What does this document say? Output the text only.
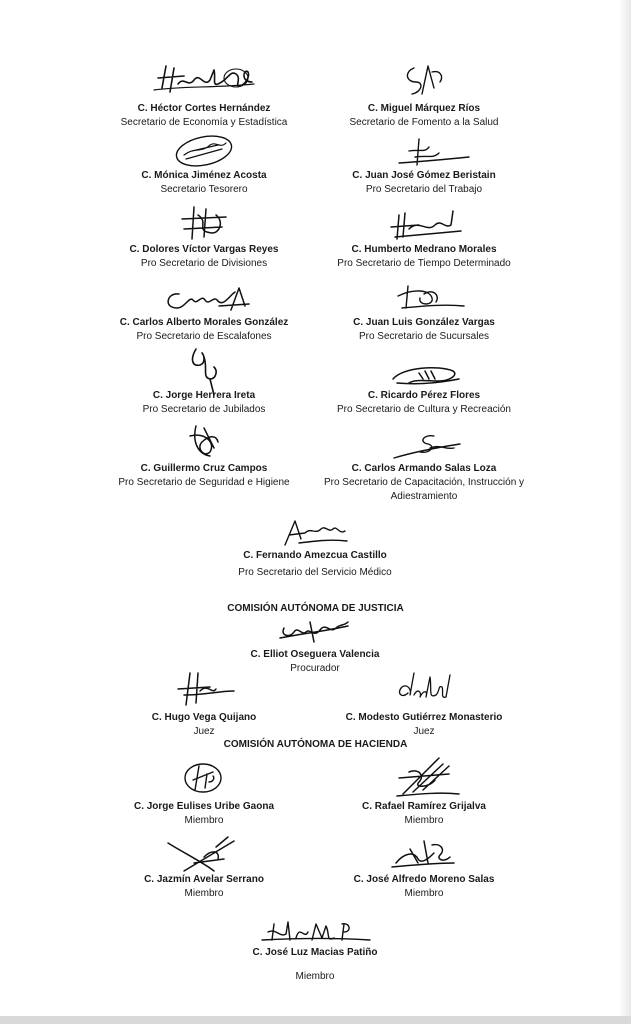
C. Héctor Cortes Hernández
Secretario de Economía y Estadística
C. Miguel Márquez Ríos
Secretario de Fomento a la Salud
C. Mónica Jiménez Acosta
Secretario Tesorero
C. Juan José Gómez Beristain
Pro Secretario del Trabajo
C. Dolores Víctor Vargas Reyes
Pro Secretario de Divisiones
C. Humberto Medrano Morales
Pro Secretario de Tiempo Determinado
C. Carlos Alberto Morales González
Pro Secretario de Escalafones
C. Juan Luis González Vargas
Pro Secretario de Sucursales
C. Jorge Herrera Ireta
Pro Secretario de Jubilados
C. Ricardo Pérez Flores
Pro Secretario de Cultura y Recreación
C. Guillermo Cruz Campos
Pro Secretario de Seguridad e Higiene
C. Carlos Armando Salas Loza
Pro Secretario de Capacitación, Instrucción y
Adiestramiento
C. Fernando Amezcua Castillo
Pro Secretario del Servicio Médico
COMISIÓN AUTÓNOMA DE JUSTICIA
C. Elliot Oseguera Valencia
Procurador
C. Hugo Vega Quijano
Juez
C. Modesto Gutiérrez Monasterio
Juez
COMISIÓN AUTÓNOMA DE HACIENDA
C. Jorge Eulises Uribe Gaona
Miembro
C. Rafael Ramírez Grijalva
Miembro
C. Jazmín Avelar Serrano
Miembro
C. José Alfredo Moreno Salas
Miembro
C. José Luz Macias Patiño
Miembro
